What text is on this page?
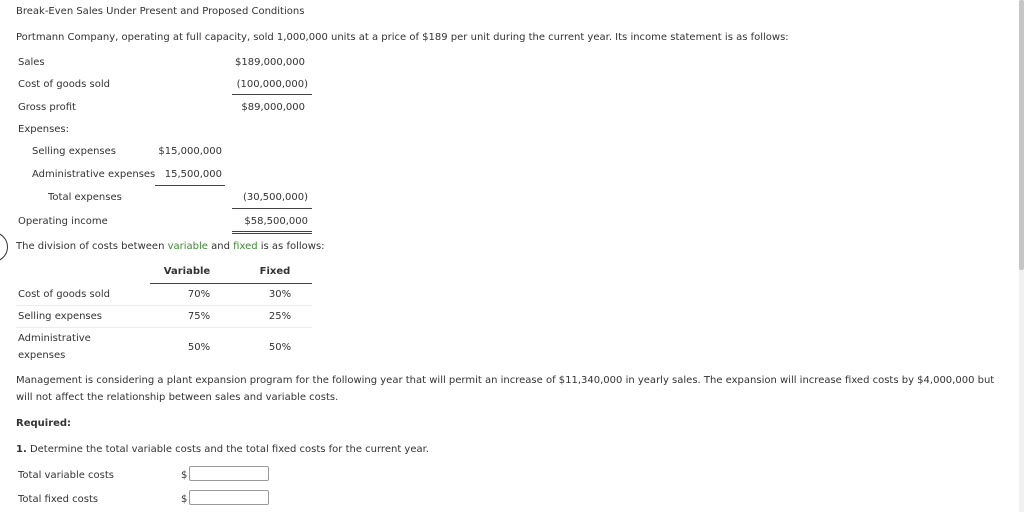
Break-Even Sales Under Present and Proposed Conditions
Portmann Company, operating at full capacity, sold 1,000,000 units at a price of $189 per unit during the current year. Its income statement is as follows:
Sales	$189,000,000
Cost of goods sold	(100,000,000)
Gross profit	$89,000,000
Expenses:
Selling expenses	$15,000,000
Administrative expenses 15,500,000
Total expenses	(30,500,000)
Operating income	$58,500,000
The division of costs between variable and fixed is as follows:
Variable	Fixed
Cost of goods sold	70%	30%
Selling expenses	75%	25%
Administrative
expenses
50%	50%
Management is considering a plant expansion program for the following year that will permit an increase of $11,340,000 in yearly sales. The expansion will increase fixed costs by $4,000,000 but will not affect the relationship between sales and variable costs.
Required:
1. Determine the total variable costs and the total fixed costs for the current year.
Total variable costs	$
Total fixed costs	$
